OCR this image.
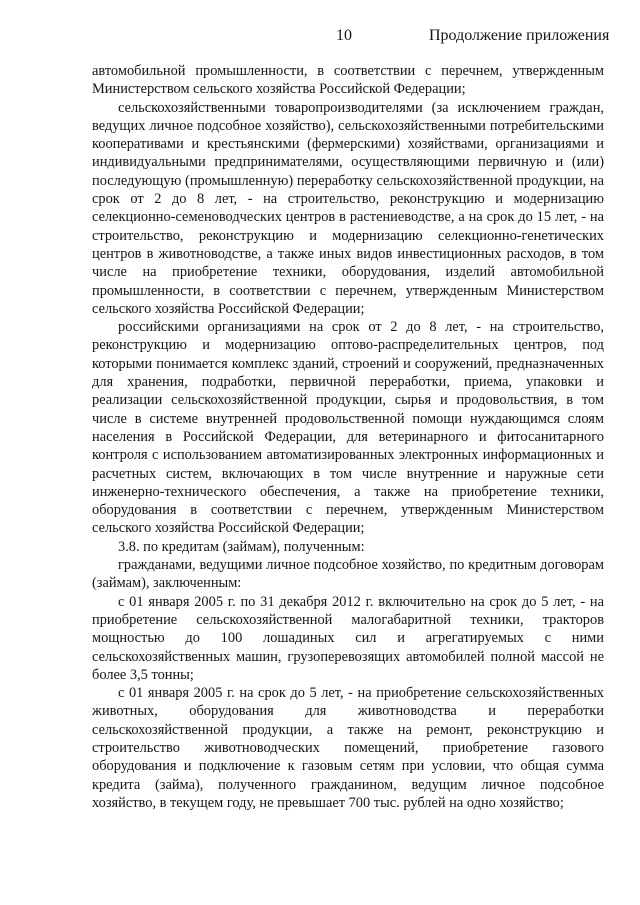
10	Продолжение приложения

автомобильной промышленности, в соответствии с перечнем, утвержденным Министерством сельского хозяйства Российской Федерации;

сельскохозяйственными товаропроизводителями (за исключением граждан, ведущих личное подсобное хозяйство), сельскохозяйственными потребительскими кооперативами и крестьянскими (фермерскими) хозяйствами, организациями и индивидуальными предпринимателями, осуществляющими первичную и (или) последующую (промышленную) переработку сельскохозяйственной продукции, на срок от 2 до 8 лет, - на строительство, реконструкцию и модернизацию селекционно-семеноводческих центров в растениеводстве, а на срок до 15 лет, - на строительство, реконструкцию и модернизацию селекционно-генетических центров в животноводстве, а также иных видов инвестиционных расходов, в том числе на приобретение техники, оборудования, изделий автомобильной промышленности, в соответствии с перечнем, утвержденным Министерством сельского хозяйства Российской Федерации;

российскими организациями на срок от 2 до 8 лет, - на строительство, реконструкцию и модернизацию оптово-распределительных центров, под которыми понимается комплекс зданий, строений и сооружений, предназначенных для хранения, подработки, первичной переработки, приема, упаковки и реализации сельскохозяйственной продукции, сырья и продовольствия, в том числе в системе внутренней продовольственной помощи нуждающимся слоям населения в Российской Федерации, для ветеринарного и фитосанитарного контроля с использованием автоматизированных электронных информационных и расчетных систем, включающих в том числе внутренние и наружные сети инженерно-технического обеспечения, а также на приобретение техники, оборудования в соответствии с перечнем, утвержденным Министерством сельского хозяйства Российской Федерации;

3.8. по кредитам (займам), полученным:

гражданами, ведущими личное подсобное хозяйство, по кредитным договорам (займам), заключенным:

с 01 января 2005 г. по 31 декабря 2012 г. включительно на срок до 5 лет, - на приобретение сельскохозяйственной малогабаритной техники, тракторов мощностью до 100 лошадиных сил и агрегатируемых с ними сельскохозяйственных машин, грузоперевозящих автомобилей полной массой не более 3,5 тонны;

с 01 января 2005 г. на срок до 5 лет, - на приобретение сельскохозяйственных животных, оборудования для животноводства и переработки сельскохозяйственной продукции, а также на ремонт, реконструкцию и строительство животноводческих помещений, приобретение газового оборудования и подключение к газовым сетям при условии, что общая сумма кредита (займа), полученного гражданином, ведущим личное подсобное хозяйство, в текущем году, не превышает 700 тыс. рублей на одно хозяйство;
